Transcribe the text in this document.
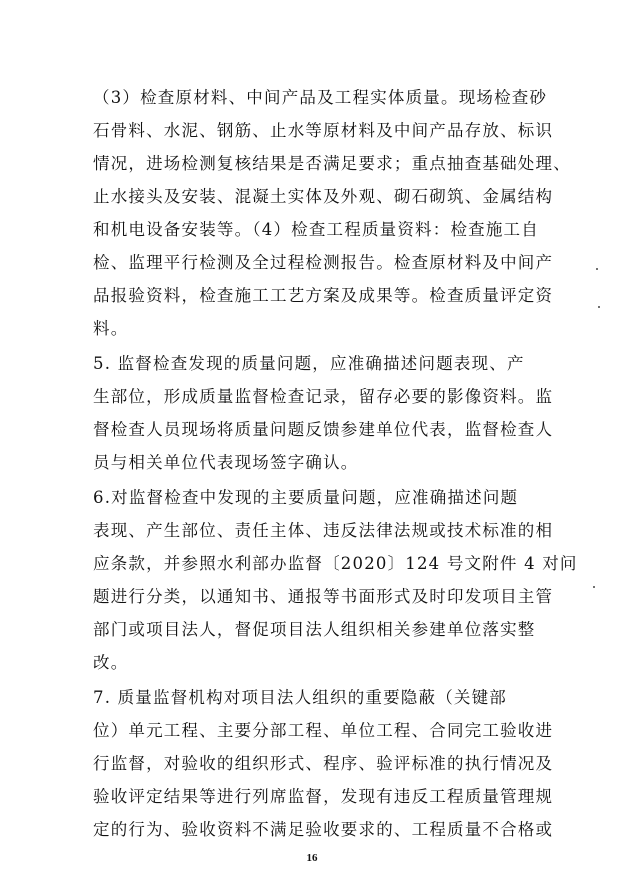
（3）检查原材料、中间产品及工程实体质量。现场检查砂
石骨料、水泥、钢筋、止水等原材料及中间产品存放、标识
情况，进场检测复核结果是否满足要求；重点抽查基础处理、
止水接头及安装、混凝土实体及外观、砌石砌筑、金属结构
和机电设备安装等。（4）检查工程质量资料：检查施工自
检、监理平行检测及全过程检测报告。检查原材料及中间产
品报验资料，检查施工工艺方案及成果等。检查质量评定资
料。
5. 监督检查发现的质量问题，应准确描述问题表现、产
生部位，形成质量监督检查记录，留存必要的影像资料。监
督检查人员现场将质量问题反馈参建单位代表，监督检查人
员与相关单位代表现场签字确认。
6.对监督检查中发现的主要质量问题，应准确描述问题
表现、产生部位、责任主体、违反法律法规或技术标准的相
应条款，并参照水利部办监督〔2020〕124 号文附件 4 对问
题进行分类，以通知书、通报等书面形式及时印发项目主管
部门或项目法人，督促项目法人组织相关参建单位落实整
改。
7. 质量监督机构对项目法人组织的重要隐蔽（关键部
位）单元工程、主要分部工程、单位工程、合同完工验收进
行监督，对验收的组织形式、程序、验评标准的执行情况及
验收评定结果等进行列席监督，发现有违反工程质量管理规
16
定的行为、验收资料不满足验收要求的、工程质量不合格或
